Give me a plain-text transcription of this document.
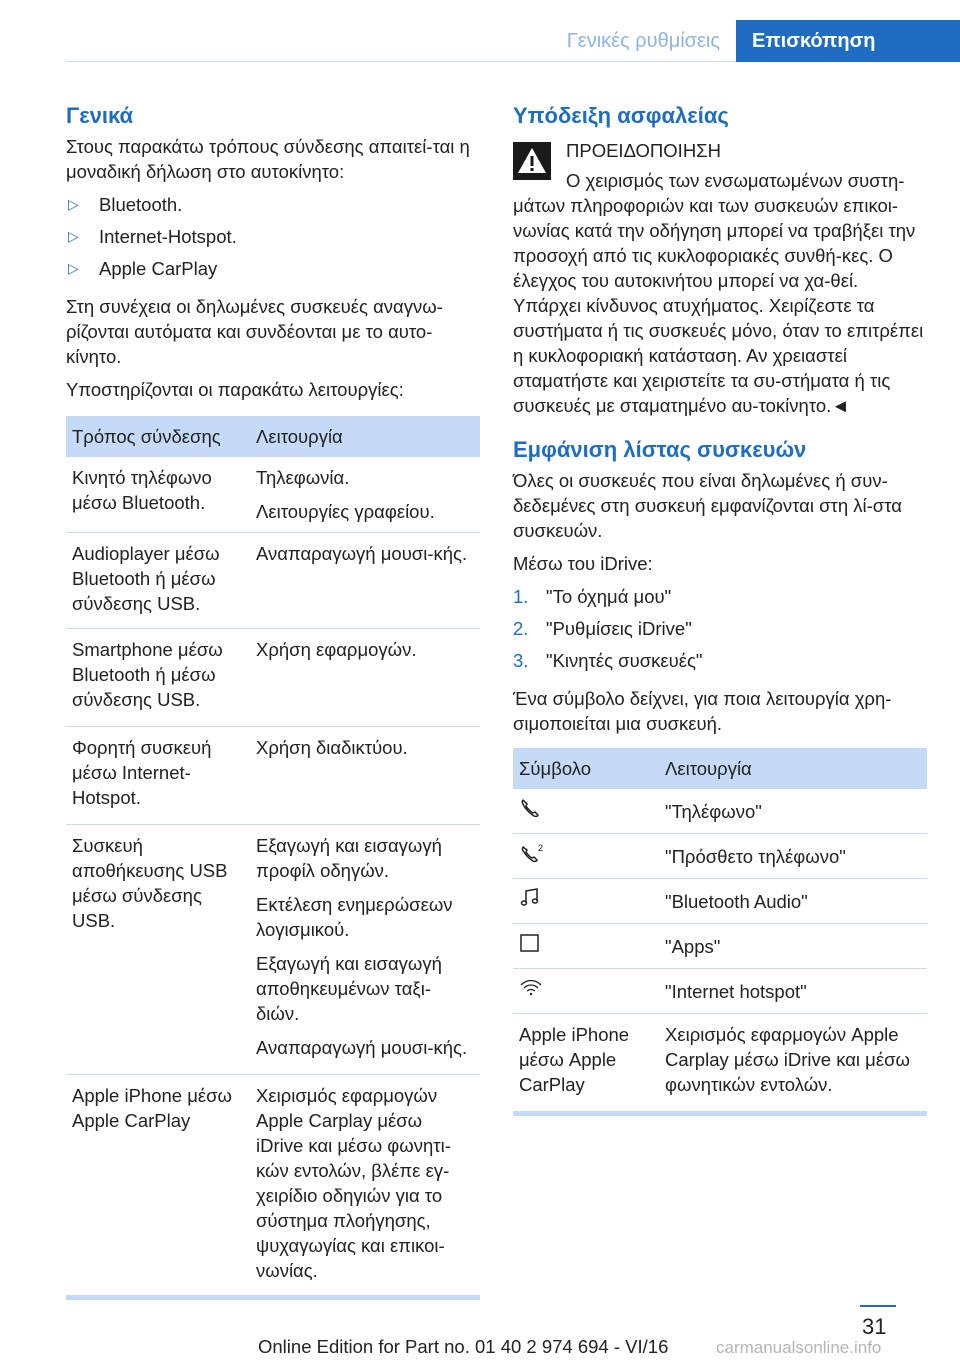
Γενικές ρυθμίσεις	Επισκόπηση
Γενικά

Στους παρακάτω τρόπους σύνδεσης απαιτεί-ται η μοναδική δήλωση στο αυτοκίνητο:

▷	Bluetooth.
▷	Internet-Hotspot.
▷	Apple CarPlay

Στη συνέχεια οι δηλωμένες συσκευές αναγνω-ρίζονται αυτόματα και συνδέονται με το αυτο-κίνητο.

Υποστηρίζονται οι παρακάτω λειτουργίες:

Τρόπος σύνδεσης	Λειτουργία
Κινητό τηλέφωνο μέσω Bluetooth.	Τηλεφωνία.
Λειτουργίες γραφείου.

Audioplayer μέσω Bluetooth ή μέσω σύνδεσης USB.	Αναπαραγωγή μουσι-κής.

Smartphone μέσω Bluetooth ή μέσω σύνδεσης USB.	Χρήση εφαρμογών.

Φορητή συσκευή μέσω Internet-Hotspot.	Χρήση διαδικτύου.

Συσκευή αποθήκευσης USB μέσω σύνδεσης USB.	Εξαγωγή και εισαγωγή προφίλ οδηγών.
Εκτέλεση ενημερώσεων λογισμικού.
Εξαγωγή και εισαγωγή αποθηκευμένων ταξι-διών.
Αναπαραγωγή μουσι-κής.

Apple iPhone μέσω Apple CarPlay	Χειρισμός εφαρμογών Apple Carplay μέσω iDrive και μέσω φωνητι-κών εντολών, βλέπε εγ-χειρίδιο οδηγιών για το σύστημα πλοήγησης, ψυχαγωγίας και επικοι-νωνίας.
Υπόδειξη ασφαλείας
ΠΡΟΕΙΔΟΠΟΙΗΣΗ
Ο χειρισμός των ενσωματωμένων συστη-μάτων πληροφοριών και των συσκευών επικοι-νωνίας κατά την οδήγηση μπορεί να τραβήξει την προσοχή από τις κυκλοφοριακές συνθή-κες. Ο έλεγχος του αυτοκινήτου μπορεί να χα-θεί. Υπάρχει κίνδυνος ατυχήματος. Χειρίζεστε τα συστήματα ή τις συσκευές μόνο, όταν το επιτρέπει η κυκλοφοριακή κατάσταση. Αν χρειαστεί σταματήστε και χειριστείτε τα συ-στήματα ή τις συσκευές με σταματημένο αυ-τοκίνητο.◄
Εμφάνιση λίστας συσκευών

Όλες οι συσκευές που είναι δηλωμένες ή συν-δεδεμένες στη συσκευή εμφανίζονται στη λί-στα συσκευών.

Μέσω του iDrive:

1. "Το όχημά μου"
2. "Ρυθμίσεις iDrive"
3. "Κινητές συσκευές"

Ένα σύμβολο δείχνει, για ποια λειτουργία χρη-σιμοποιείται μια συσκευή.

Σύμβολο	Λειτουργία
	"Τηλέφωνο"

2	"Πρόσθετο τηλέφωνο"
	"Bluetooth Audio"
	"Apps"
	"Internet hotspot"
Apple iPhone μέσω Apple CarPlay	Χειρισμός εφαρμογών Apple Carplay μέσω iDrive και μέσω φωνητικών εντολών.
31
Online Edition for Part no. 01 40 2 974 694 - VI/16	carmanualsonline.info
